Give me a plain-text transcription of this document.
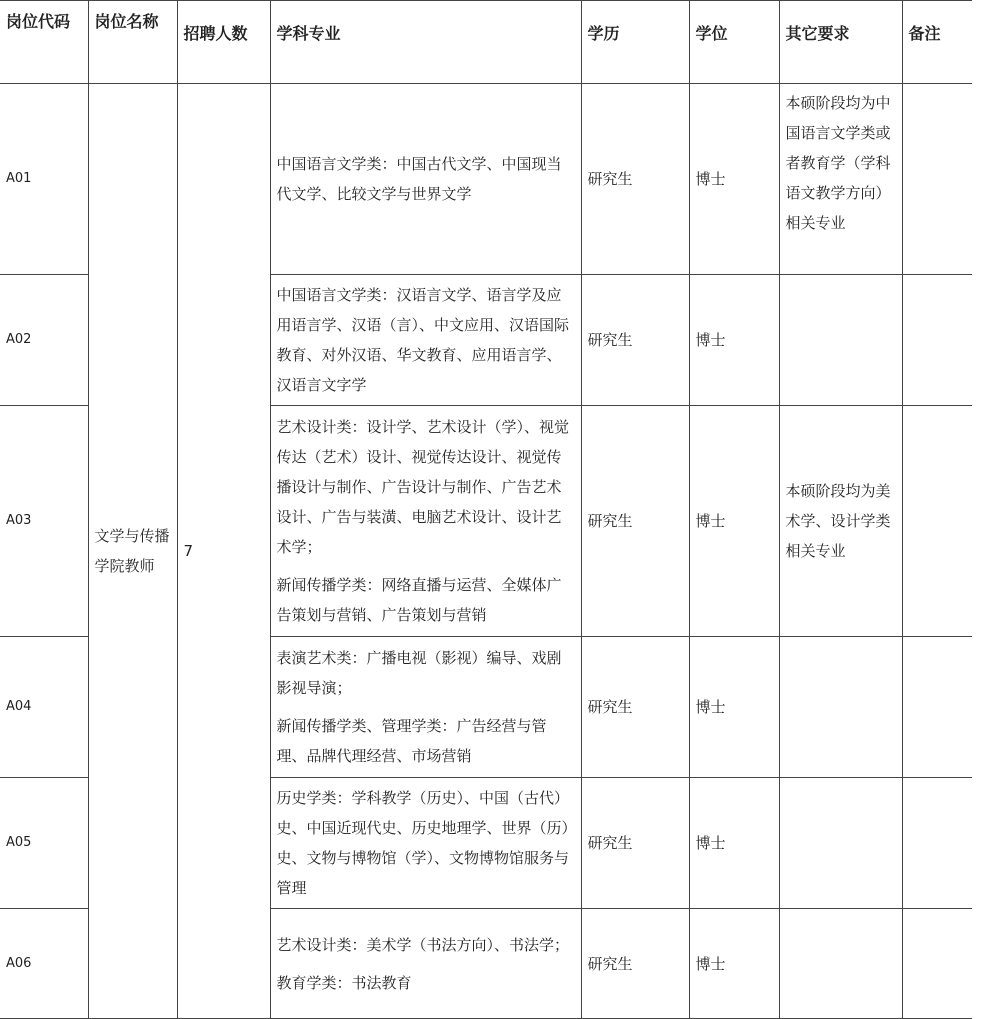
岗位代码	岗位名称	招聘人数	学科专业	学历	学位	其它要求	备注
A01	文学与传播学院教师	7	中国语言文学类：中国古代文学、中国现当代文学、比较文学与世界文学	研究生	博士	本硕阶段均为中国语言文学类或者教育学（学科语文教学方向）相关专业	
A02			中国语言文学类：汉语言文学、语言学及应用语言学、汉语（言）、中文应用、汉语国际教育、对外汉语、华文教育、应用语言学、汉语言文字学	研究生	博士		
A03			艺术设计类：设计学、艺术设计（学）、视觉传达（艺术）设计、视觉传达设计、视觉传播设计与制作、广告设计与制作、广告艺术设计、广告与装潢、电脑艺术设计、设计艺术学；

新闻传播学类：网络直播与运营、全媒体广告策划与营销、广告策划与营销	研究生	博士	本硕阶段均为美术学、设计学类相关专业	
A04			表演艺术类：广播电视（影视）编导、戏剧影视导演；

新闻传播学类、管理学类：广告经营与管理、品牌代理经营、市场营销	研究生	博士		
A05			历史学类：学科教学（历史）、中国（古代）史、中国近现代史、历史地理学、世界（历）史、文物与博物馆（学）、文物博物馆服务与管理	研究生	博士		
A06			艺术设计类：美术学（书法方向）、书法学；

教育学类：书法教育	研究生	博士		
